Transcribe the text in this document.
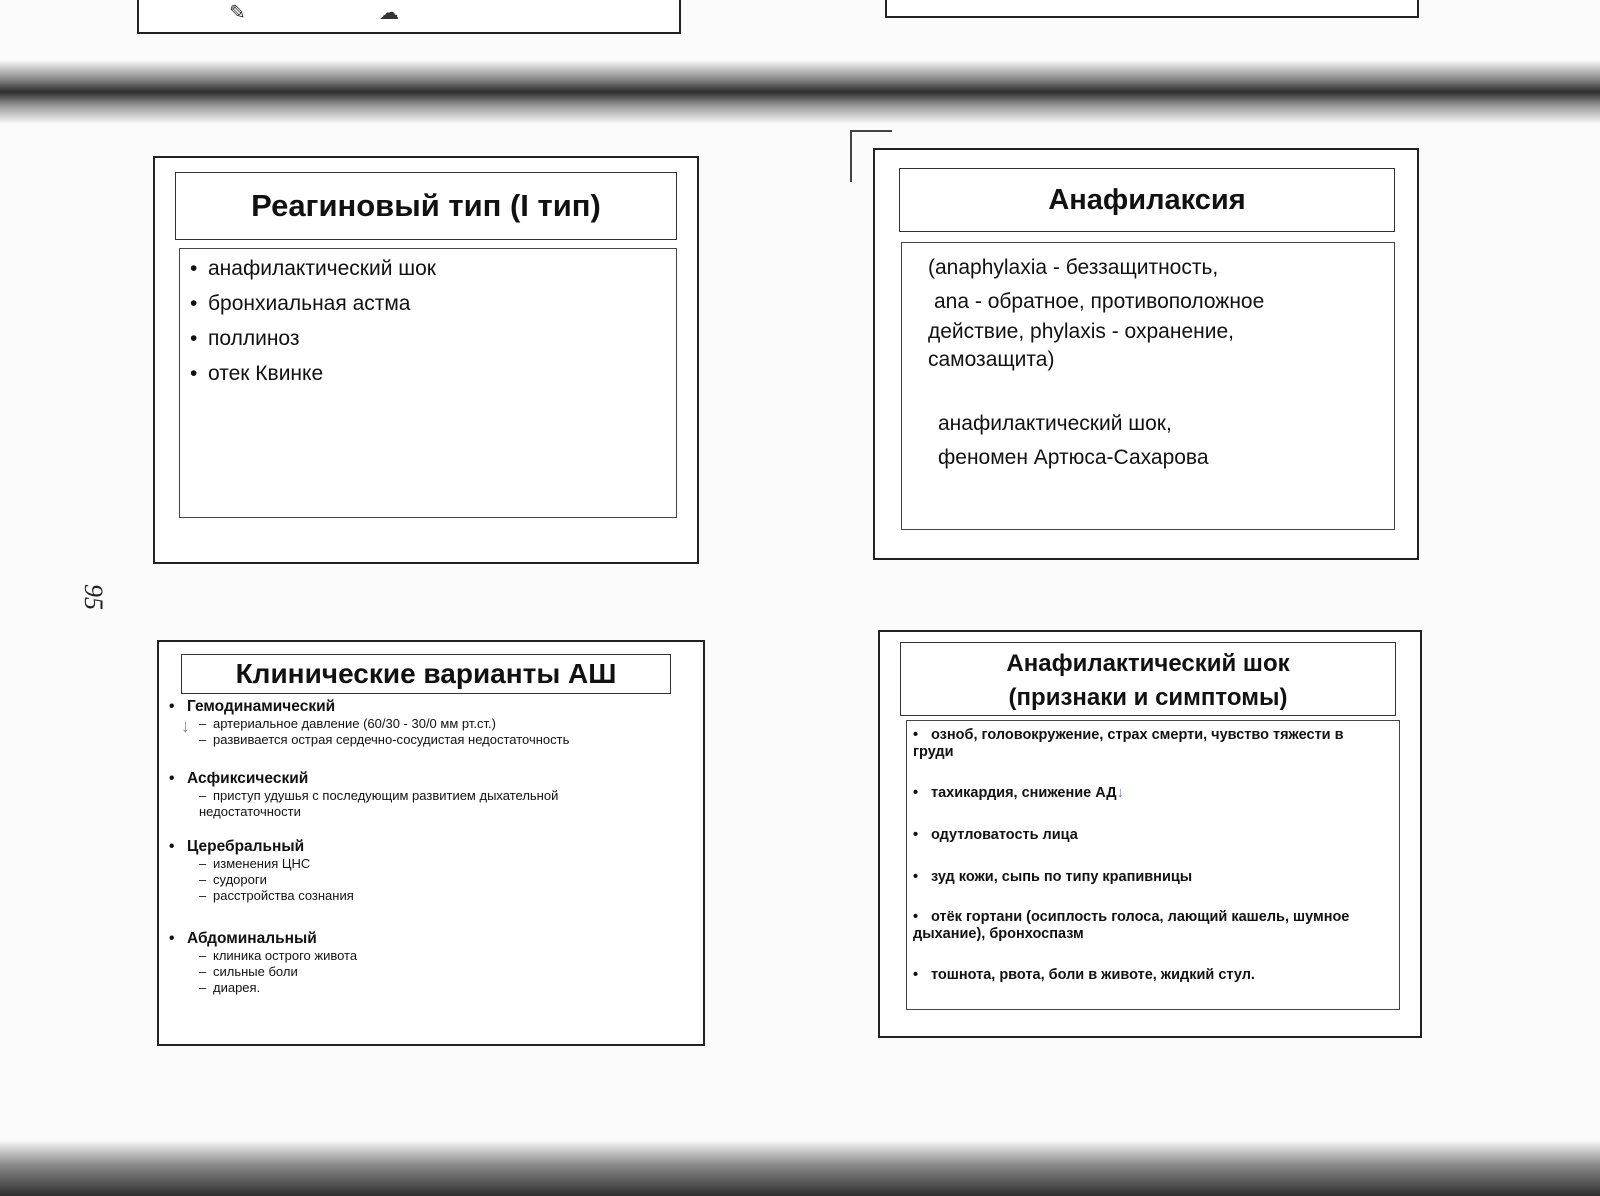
✎	☁
95
Реагиновый тип (I тип)
• анафилактический шок
• бронхиальная астма
• поллиноз
• отек Квинке
Анафилаксия
(anaphylaxia - беззащитность,
ana - обратное, противоположное
действие, phylaxis - охранение,
самозащита)
анафилактический шок,
феномен Артюса-Сахарова
Клинические варианты АШ
• Гемодинамический
– артериальное давление (60/30 - 30/0 мм рт.ст.)
– развивается острая сердечно-сосудистая недостаточность
↓
• Асфиксический
– приступ удушья с последующим развитием дыхательной недостаточности
• Церебральный
– изменения ЦНС
– судороги
– расстройства сознания
• Абдоминальный
– клиника острого живота
– сильные боли
– диарея.
Анафилактический шок
(признаки и симптомы)
• озноб, головокружение, страх смерти, чувство тяжести в груди
• тахикардия, снижение АД↓
• одутловатость лица
• зуд кожи, сыпь по типу крапивницы
• отёк гортани (осиплость голоса, лающий кашель, шумное дыхание), бронхоспазм
• тошнота, рвота, боли в животе, жидкий стул.
